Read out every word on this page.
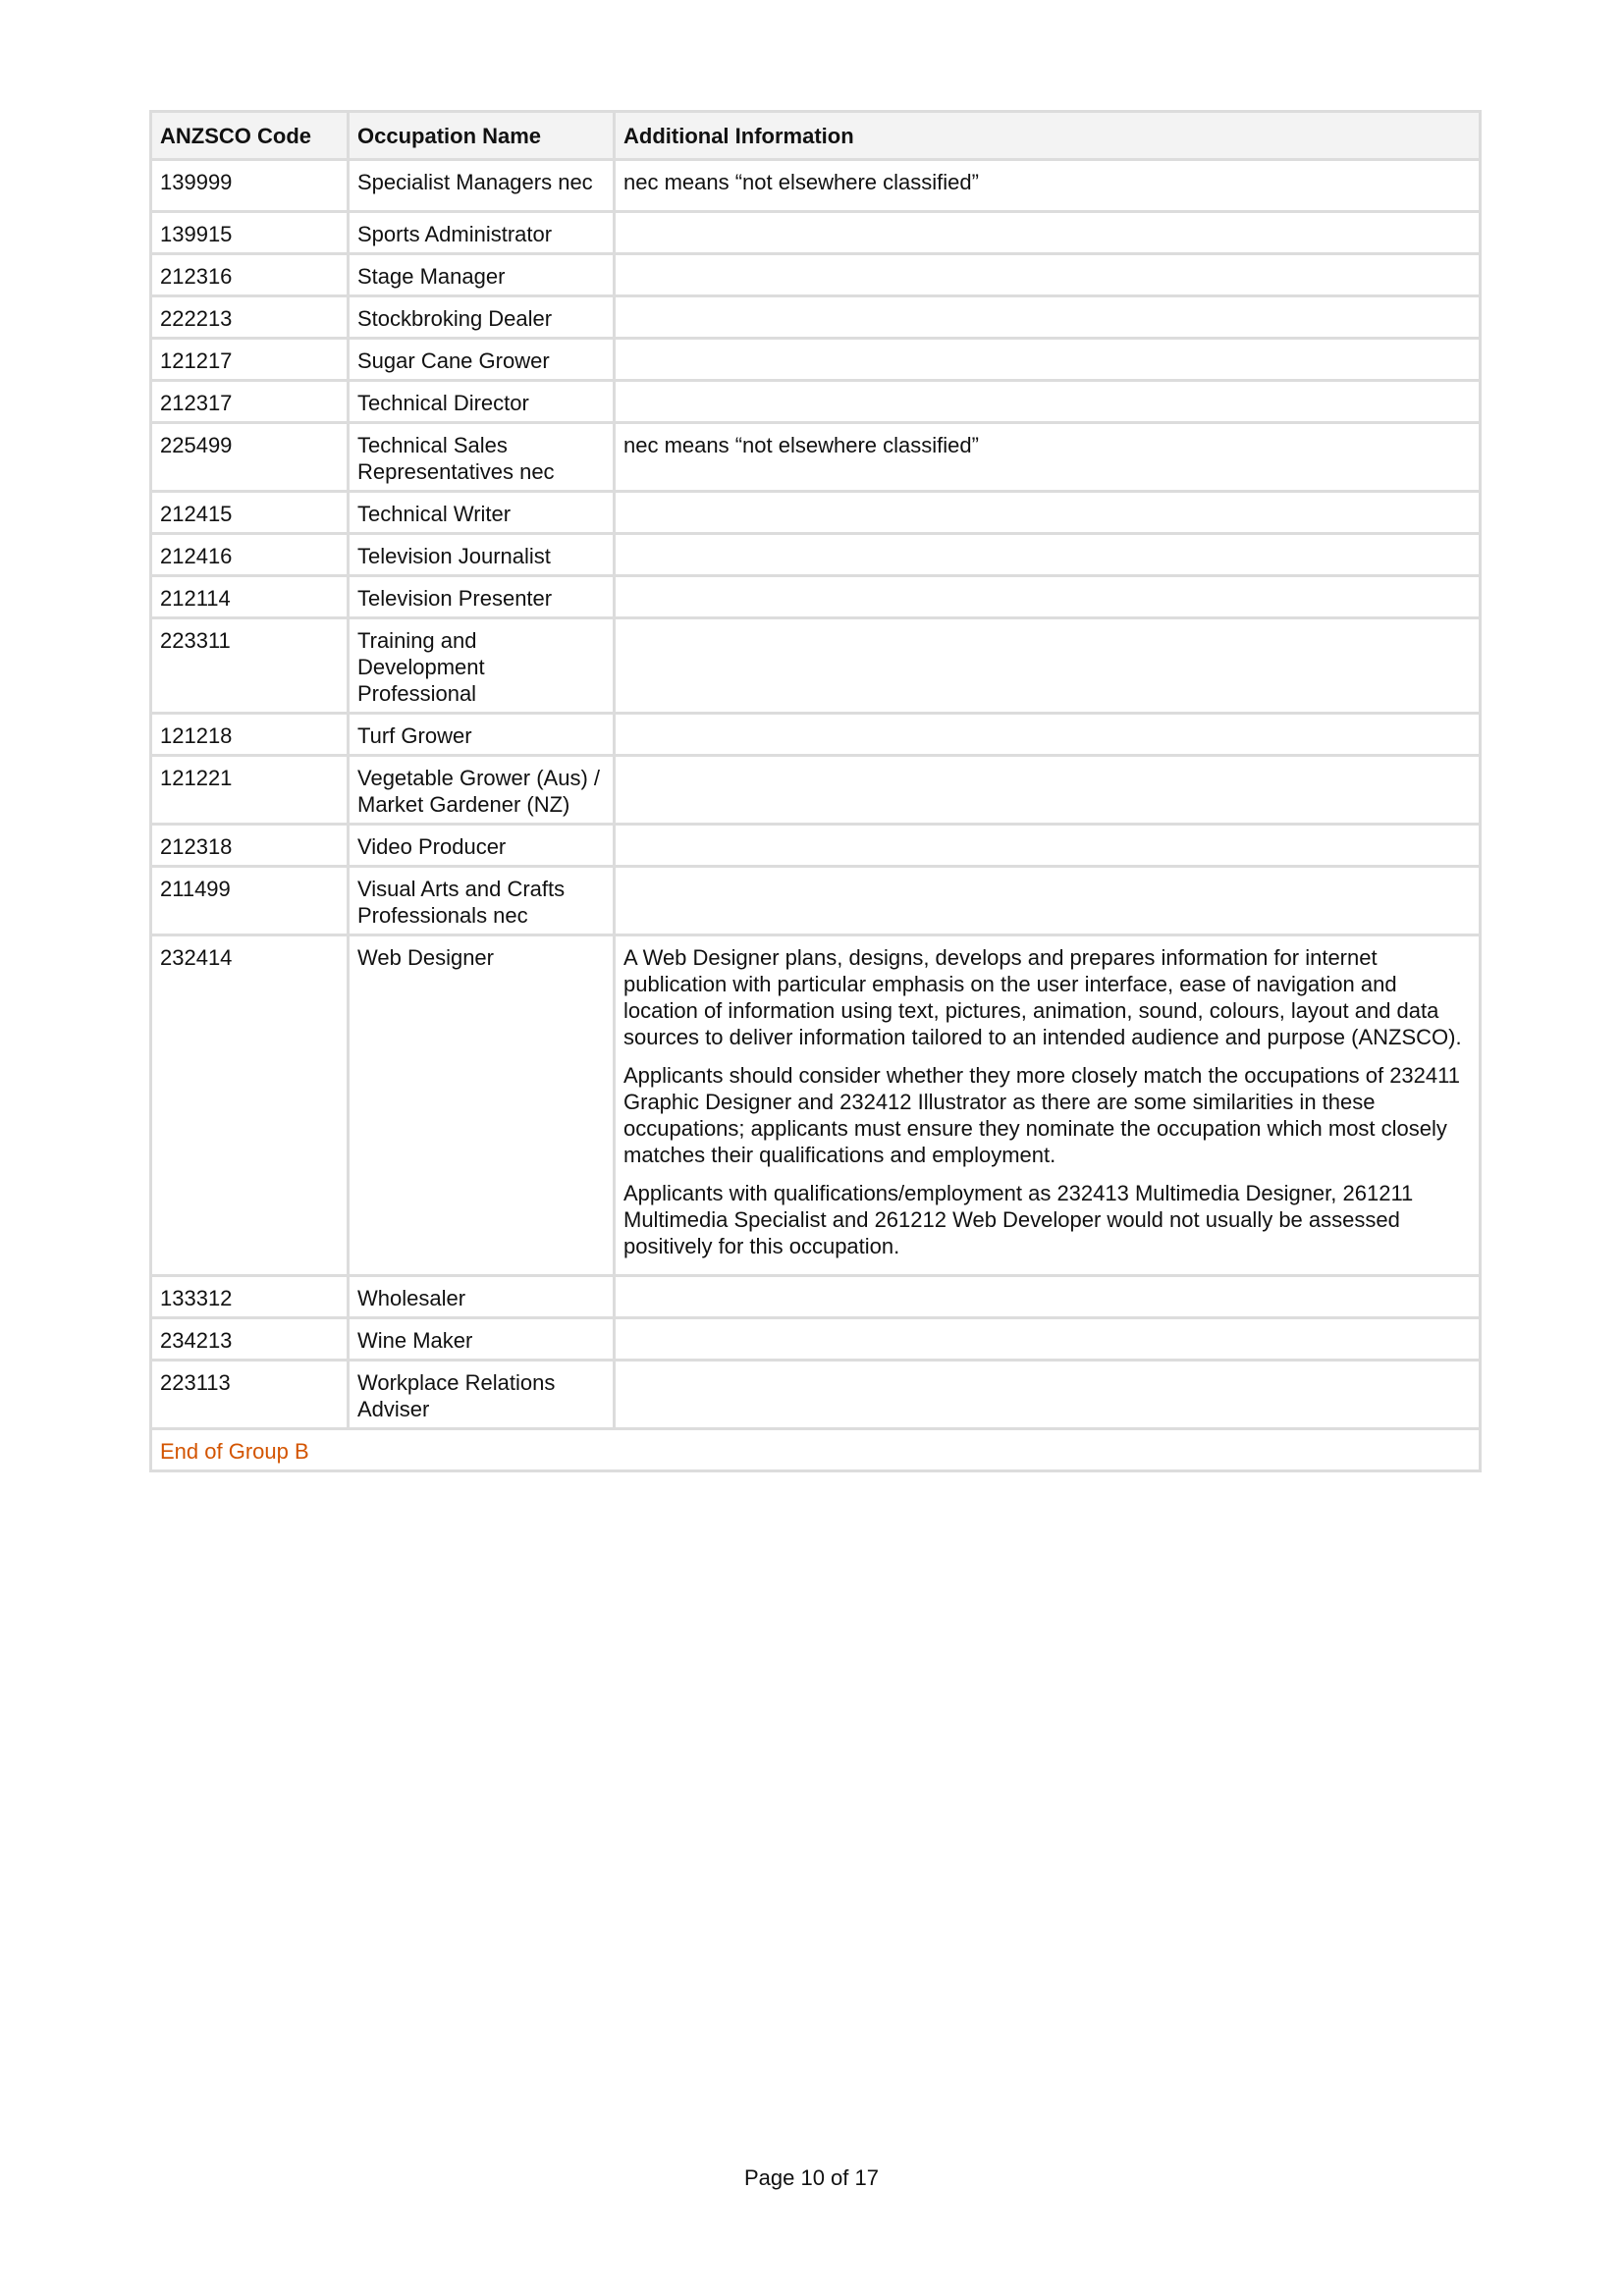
ANZSCO Code	Occupation Name	Additional Information
139999	Specialist Managers nec	nec means “not elsewhere classified”

139915	Sports Administrator	
212316	Stage Manager	
222213	Stockbroking Dealer	
121217	Sugar Cane Grower	
212317	Technical Director	
225499	Technical Sales Representatives nec	nec means “not elsewhere classified”

212415	Technical Writer	
212416	Television Journalist	
212114	Television Presenter	
223311	Training and Development Professional	
121218	Turf Grower	
121221	Vegetable Grower (Aus) / Market Gardener (NZ)	
212318	Video Producer	
211499	Visual Arts and Crafts Professionals nec	
232414	Web Designer	A Web Designer plans, designs, develops and prepares information for internet publication with particular emphasis on the user interface, ease of navigation and location of information using text, pictures, animation, sound, colours, layout and data sources to deliver information tailored to an intended audience and purpose (ANZSCO).

Applicants should consider whether they more closely match the occupations of 232411 Graphic Designer and 232412 Illustrator as there are some similarities in these occupations; applicants must ensure they nominate the occupation which most closely matches their qualifications and employment.

Applicants with qualifications/employment as 232413 Multimedia Designer, 261211 Multimedia Specialist and 261212 Web Developer would not usually be assessed positively for this occupation.

133312	Wholesaler	
234213	Wine Maker	
223113	Workplace Relations Adviser	
End of Group B		
Page 10 of 17
